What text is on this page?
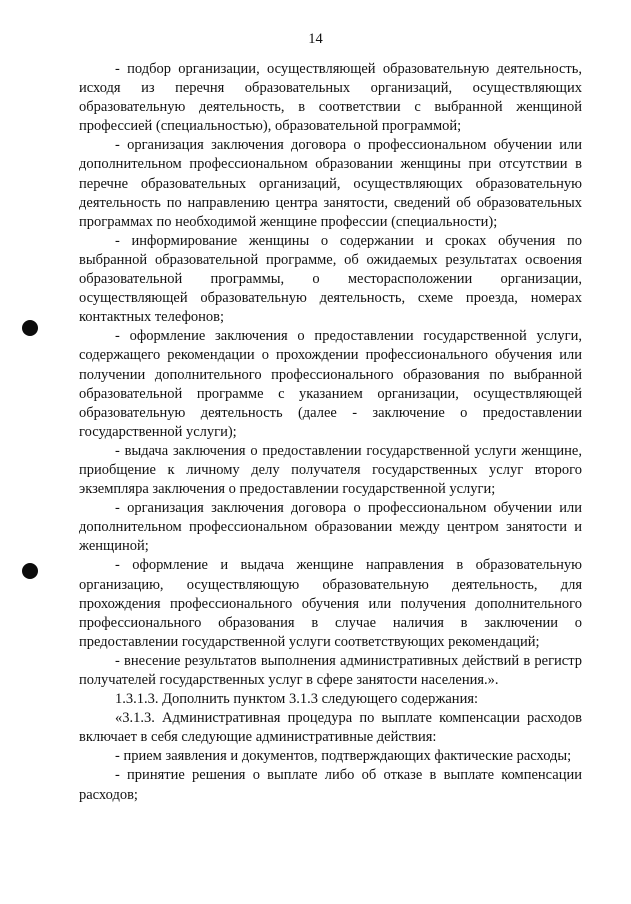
14

- подбор организации, осуществляющей образовательную деятельность, исходя из перечня образовательных организаций, осуществляющих образовательную деятельность, в соответствии с выбранной женщиной профессией (специальностью), образовательной программой;

- организация заключения договора о профессиональном обучении или дополнительном профессиональном образовании женщины при отсутствии в перечне образовательных организаций, осуществляющих образовательную деятельность по направлению центра занятости, сведений об образовательных программах по необходимой женщине профессии (специальности);

- информирование женщины о содержании и сроках обучения по выбранной образовательной программе, об ожидаемых результатах освоения образовательной программы, о месторасположении организации, осуществляющей образовательную деятельность, схеме проезда, номерах контактных телефонов;

- оформление заключения о предоставлении государственной услуги, содержащего рекомендации о прохождении профессионального обучения или получении дополнительного профессионального образования по выбранной образовательной программе с указанием организации, осуществляющей образовательную деятельность (далее - заключение о предоставлении государственной услуги);

- выдача заключения о предоставлении государственной услуги женщине, приобщение к личному делу получателя государственных услуг второго экземпляра заключения о предоставлении государственной услуги;

- организация заключения договора о профессиональном обучении или дополнительном профессиональном образовании между центром занятости и женщиной;

- оформление и выдача женщине направления в образовательную организацию, осуществляющую образовательную деятельность, для прохождения профессионального обучения или получения дополнительного профессионального образования в случае наличия в заключении о предоставлении государственной услуги соответствующих рекомендаций;

- внесение результатов выполнения административных действий в регистр получателей государственных услуг в сфере занятости населения.».

1.3.1.3. Дополнить пунктом 3.1.3 следующего содержания:

«3.1.3. Административная процедура по выплате компенсации расходов включает в себя следующие административные действия:

- прием заявления и документов, подтверждающих фактические расходы;

- принятие решения о выплате либо об отказе в выплате компенсации расходов;
